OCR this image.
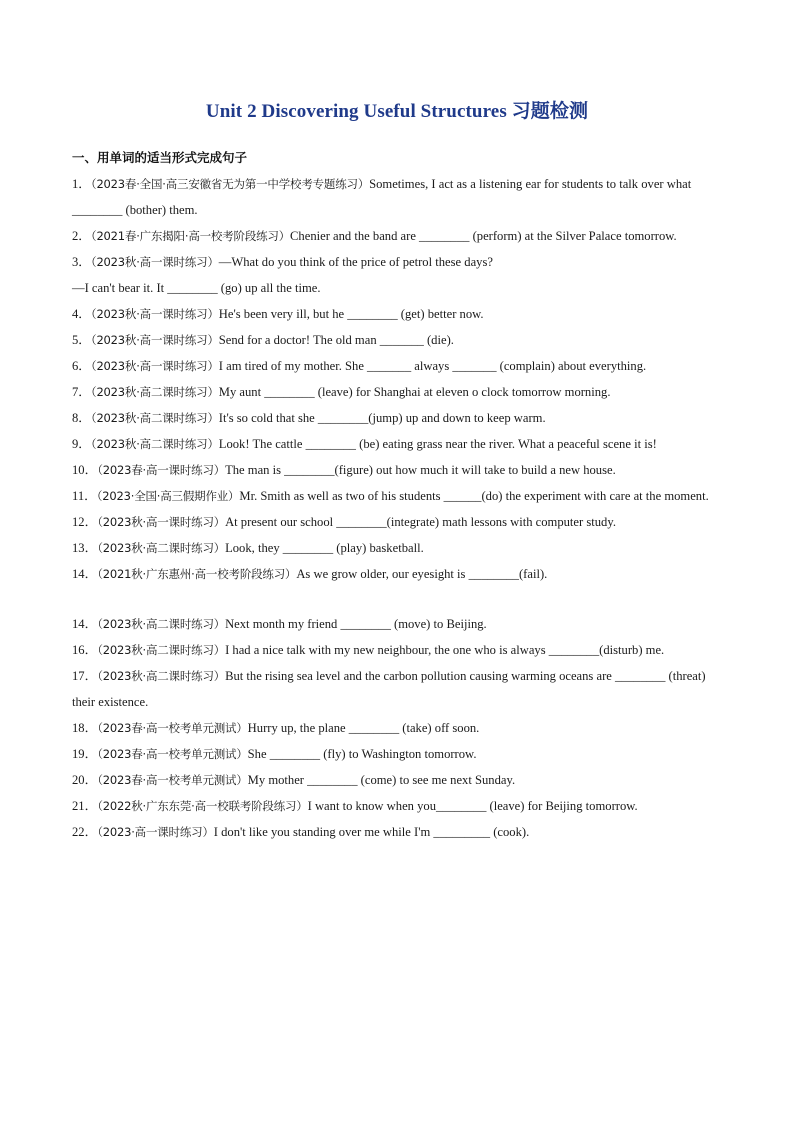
Unit 2 Discovering Useful Structures 习题检测
一、用单词的适当形式完成句子

1．（2023春·全国·高三安徽省无为第一中学校考专题练习）Sometimes, I act as a listening ear for students to talk over what ________ (bother) them.

2．（2021春·广东揭阳·高一校考阶段练习）Chenier and the band are ________ (perform) at the Silver Palace tomorrow.

3．（2023秋·高一课时练习）—What do you think of the price of petrol these days?

—I can't bear it. It ________ (go) up all the time.

4．（2023秋·高一课时练习）He's been very ill, but he ________ (get) better now.

5．（2023秋·高一课时练习）Send for a doctor! The old man _______ (die).

6．（2023秋·高一课时练习）I am tired of my mother. She _______ always _______ (complain) about everything.

7．（2023秋·高二课时练习）My aunt ________ (leave) for Shanghai at eleven o clock tomorrow morning.

8．（2023秋·高二课时练习）It's so cold that she ________(jump) up and down to keep warm.

9．（2023秋·高二课时练习）Look! The cattle ________ (be) eating grass near the river. What a peaceful scene it is!

10．（2023春·高一课时练习）The man is ________(figure) out how much it will take to build a new house.

11．（2023·全国·高三假期作业）Mr. Smith as well as two of his students ______(do) the experiment with care at the moment.

12．（2023秋·高一课时练习）At present our school ________(integrate) math lessons with computer study.

13．（2023秋·高二课时练习）Look, they ________ (play) basketball.

14．（2021秋·广东惠州·高一校考阶段练习）As we grow older, our eyesight is ________(fail).

14．（2023秋·高二课时练习）Next month my friend ________ (move) to Beijing.

16．（2023秋·高二课时练习）I had a nice talk with my new neighbour, the one who is always ________(disturb) me.

17．（2023秋·高二课时练习）But the rising sea level and the carbon pollution causing warming oceans are ________ (threat) their existence.

18．（2023春·高一校考单元测试）Hurry up, the plane ________ (take) off soon.

19．（2023春·高一校考单元测试）She ________ (fly) to Washington tomorrow.

20．（2023春·高一校考单元测试）My mother ________ (come) to see me next Sunday.

21．（2022秋·广东东莞·高一校联考阶段练习）I want to know when you________ (leave) for Beijing tomorrow.

22．（2023·高一课时练习）I don't like you standing over me while I'm _________ (cook).
